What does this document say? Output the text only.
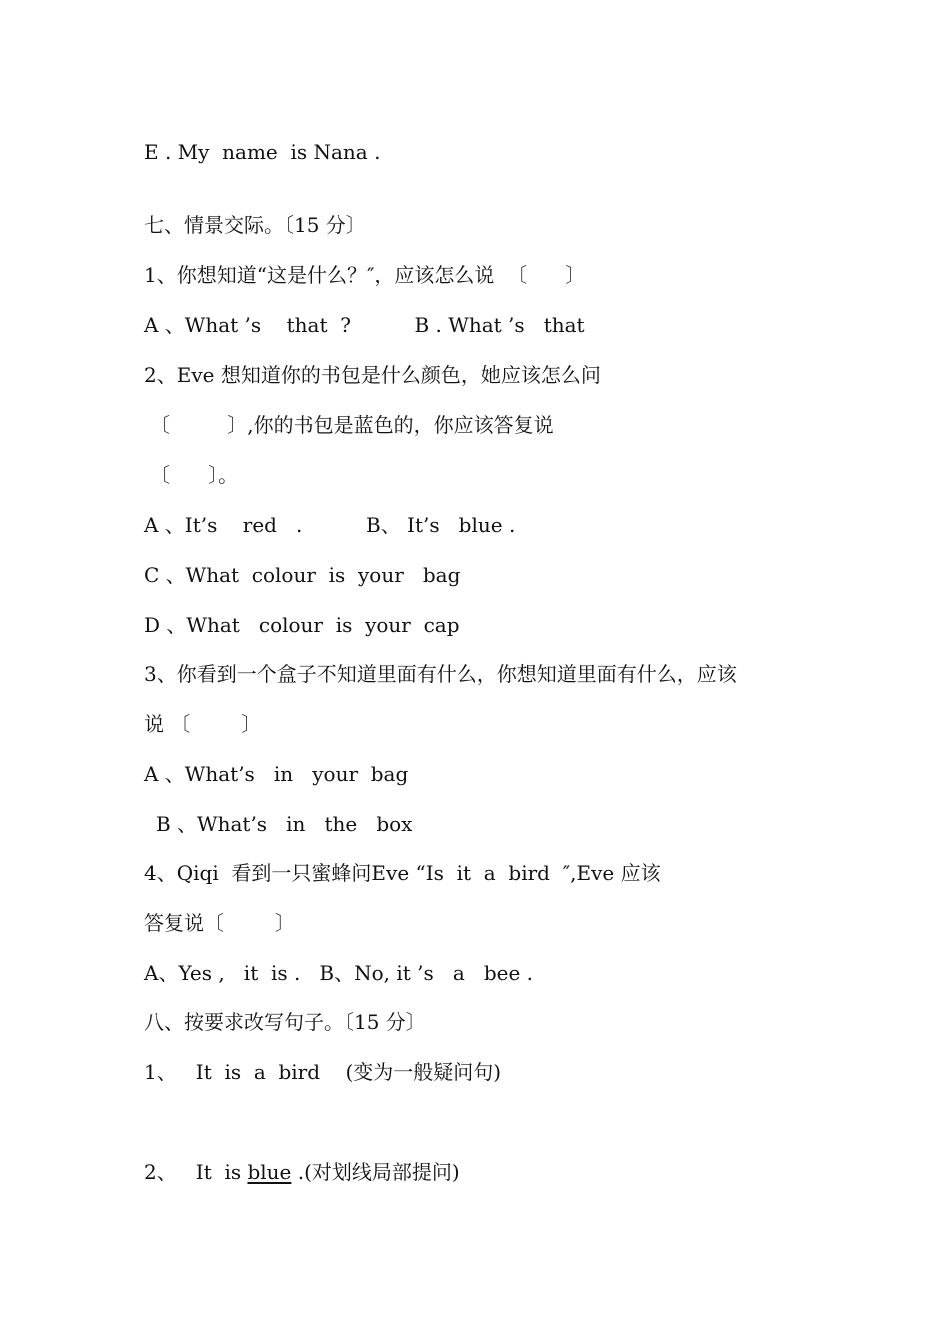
E . My  name  is Nana .
七、情景交际。〔15 分〕
1、你想知道“这是什么？″，应该怎么说  〔      〕
A 、What ’s    that  ?          B . What ’s   that
2、Eve 想知道你的书包是什么颜色，她应该怎么问
〔         〕,你的书包是蓝色的，你应该答复说
〔      〕。
A 、It’s    red   .          B、 It’s   blue .
C 、What  colour  is  your   bag
D 、What   colour  is  your  cap
3、你看到一个盒子不知道里面有什么，你想知道里面有什么，应该
说 〔        〕
A 、What’s   in   your  bag
B 、What’s   in   the   box
4、Qiqi  看到一只蜜蜂问Eve “Is  it  a  bird  ″,Eve 应该
答复说〔        〕
A、Yes ,   it  is .   B、No, it ’s   a   bee .
八、按要求改写句子。〔15 分〕
1、   It  is  a  bird    (变为一般疑问句)
2、   It  is blue .(对划线局部提问)
